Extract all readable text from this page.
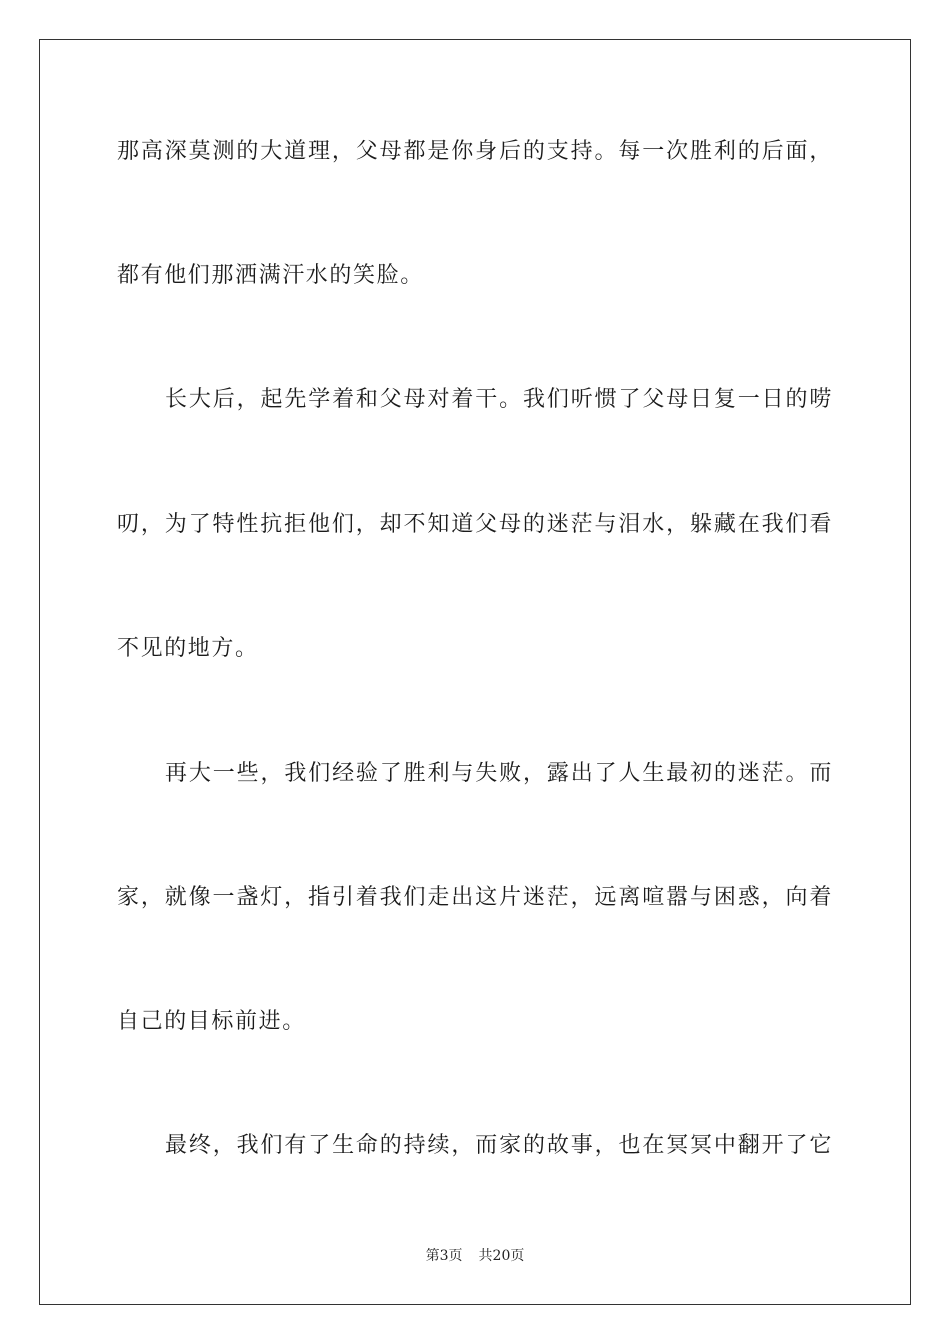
那高深莫测的大道理，父母都是你身后的支持。每一次胜利的后面，
都有他们那洒满汗水的笑脸。
长大后，起先学着和父母对着干。我们听惯了父母日复一日的唠
叨，为了特性抗拒他们，却不知道父母的迷茫与泪水，躲藏在我们看
不见的地方。
再大一些，我们经验了胜利与失败，露出了人生最初的迷茫。而
家，就像一盏灯，指引着我们走出这片迷茫，远离喧嚣与困惑，向着
自己的目标前进。
最终，我们有了生命的持续，而家的故事，也在冥冥中翻开了它
第3页 共20页
